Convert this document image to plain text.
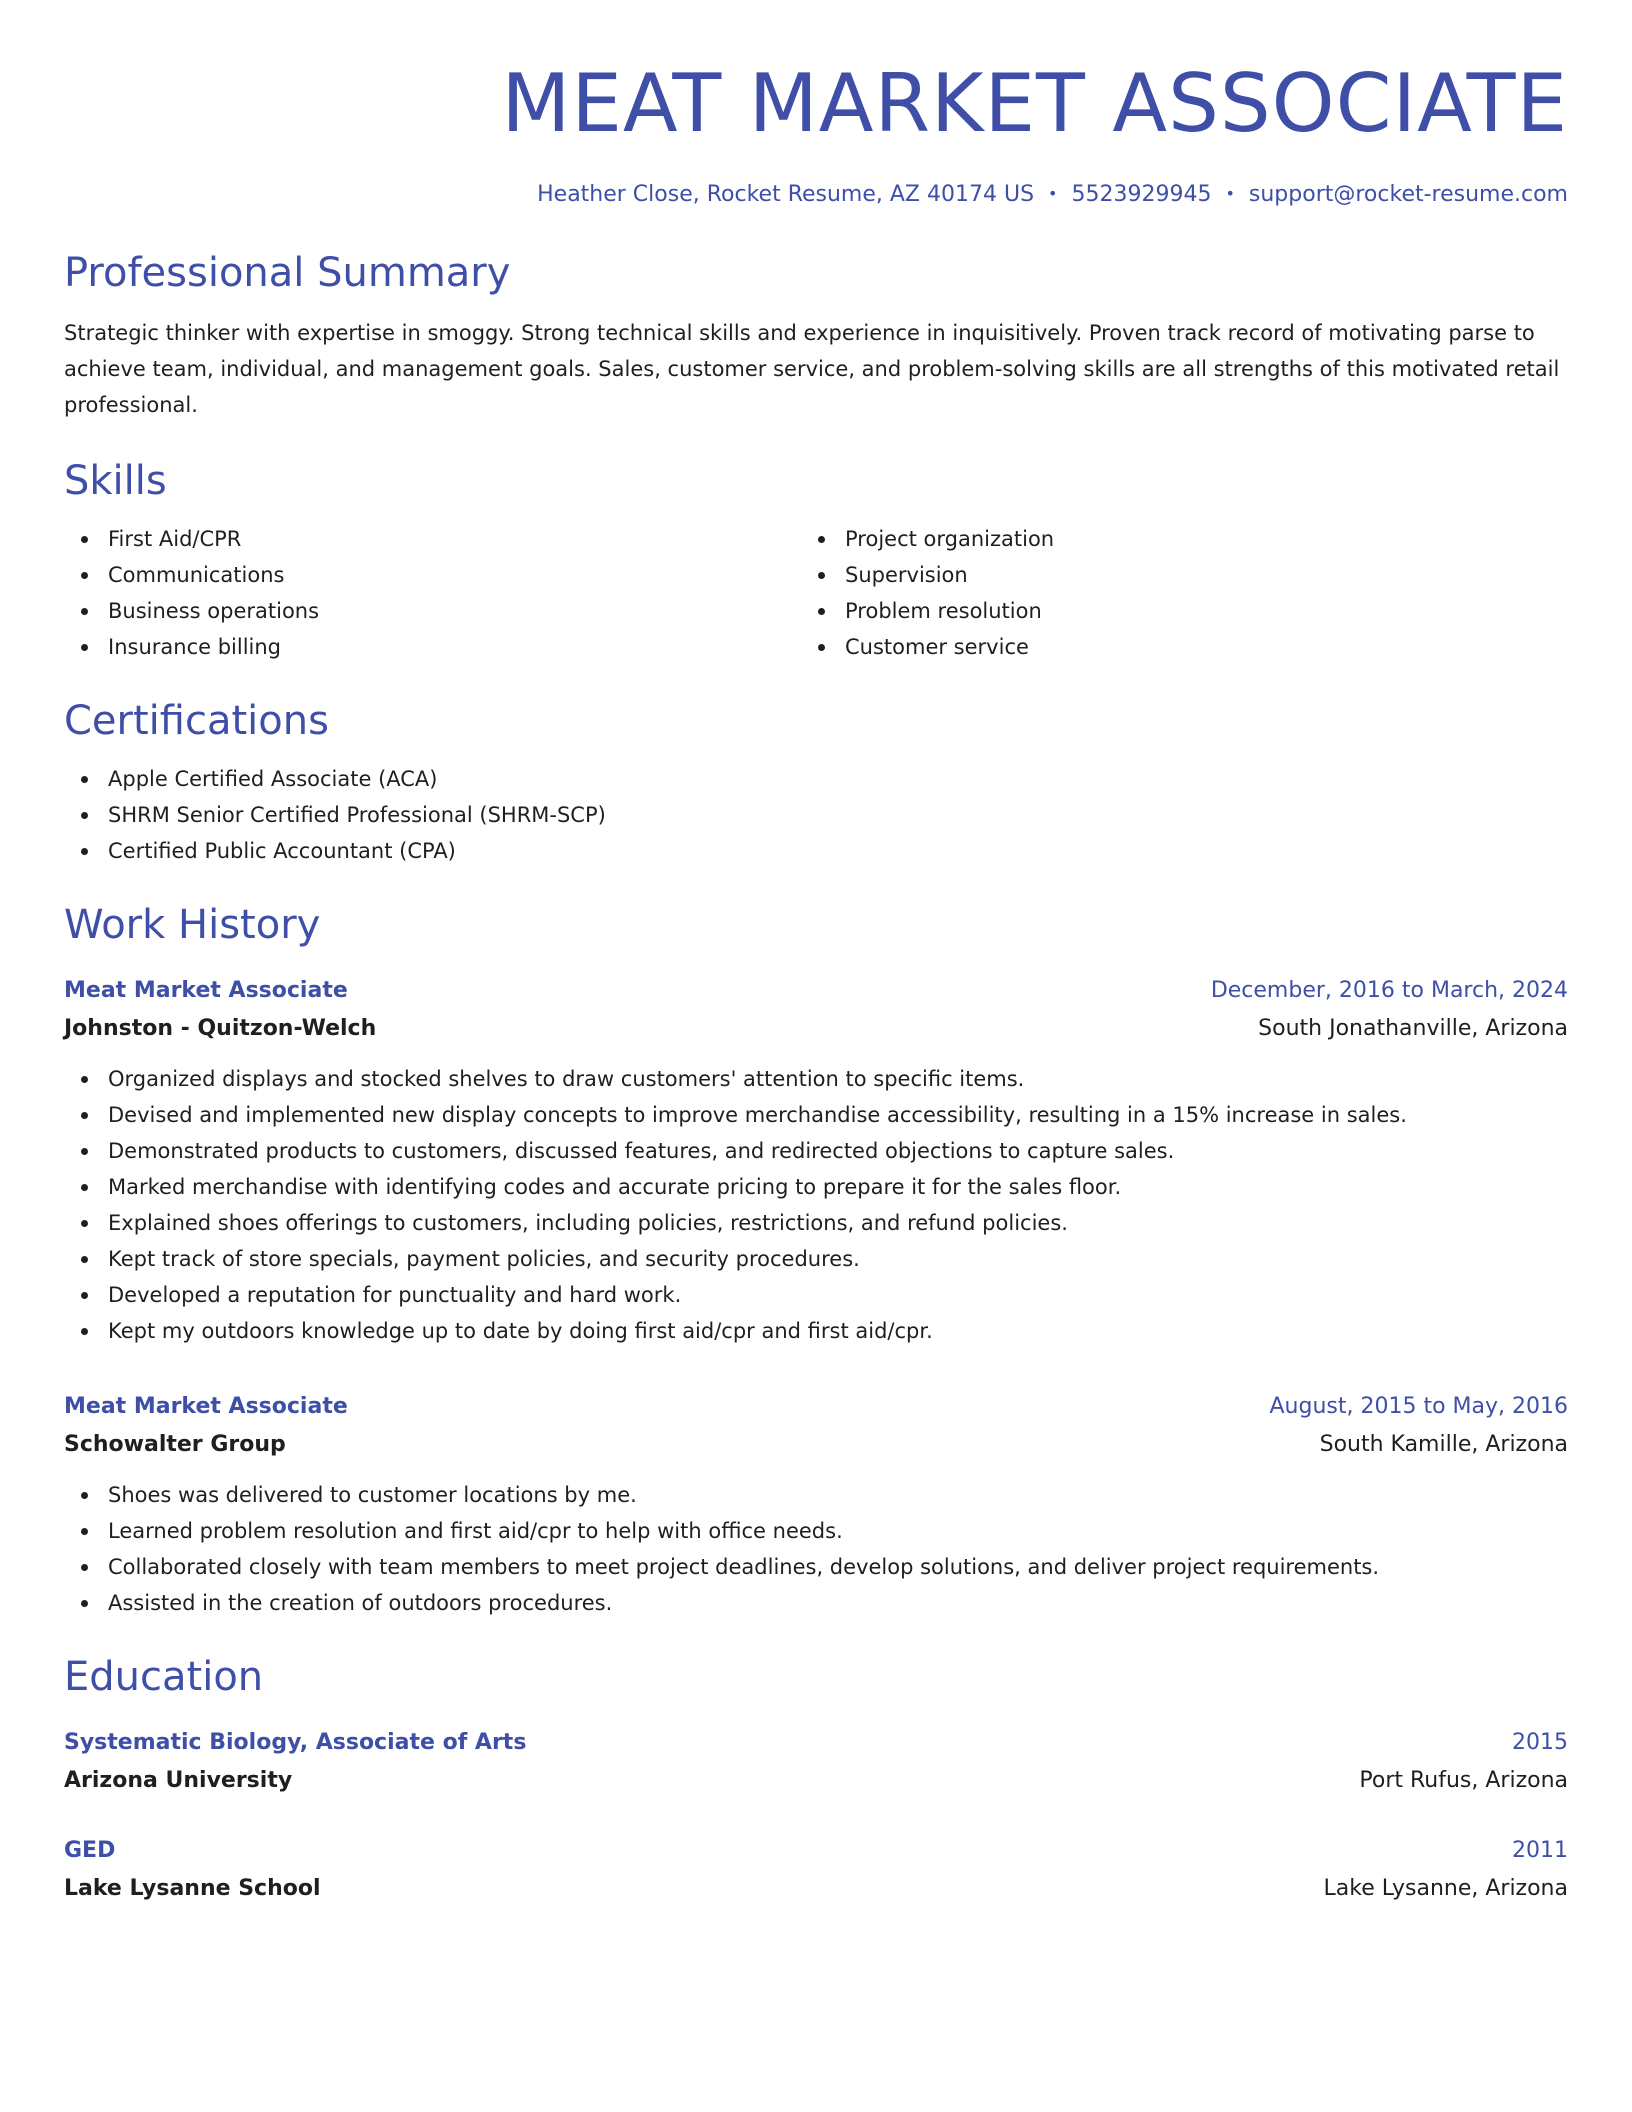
MEAT MARKET ASSOCIATE
Heather Close, Rocket Resume, AZ 40174 US • 5523929945 • support@rocket-resume.com
Professional Summary

Strategic thinker with expertise in smoggy. Strong technical skills and experience in inquisitively. Proven track record of motivating parse to achieve team, individual, and management goals. Sales, customer service, and problem-solving skills are all strengths of this motivated retail professional.

Skills
First Aid/CPR
Communications
Business operations
Insurance billing
Project organization
Supervision
Problem resolution
Customer service
Certifications
Apple Certified Associate (ACA)
SHRM Senior Certified Professional (SHRM-SCP)
Certified Public Accountant (CPA)
Work History
Meat Market Associate	December, 2016 to March, 2024
Johnston - Quitzon-Welch	South Jonathanville, Arizona
Organized displays and stocked shelves to draw customers' attention to specific items.
Devised and implemented new display concepts to improve merchandise accessibility, resulting in a 15% increase in sales.
Demonstrated products to customers, discussed features, and redirected objections to capture sales.
Marked merchandise with identifying codes and accurate pricing to prepare it for the sales floor.
Explained shoes offerings to customers, including policies, restrictions, and refund policies.
Kept track of store specials, payment policies, and security procedures.
Developed a reputation for punctuality and hard work.
Kept my outdoors knowledge up to date by doing first aid/cpr and first aid/cpr.
Meat Market Associate	August, 2015 to May, 2016
Schowalter Group	South Kamille, Arizona
Shoes was delivered to customer locations by me.
Learned problem resolution and first aid/cpr to help with office needs.
Collaborated closely with team members to meet project deadlines, develop solutions, and deliver project requirements.
Assisted in the creation of outdoors procedures.
Education
Systematic Biology, Associate of Arts	2015
Arizona University	Port Rufus, Arizona
GED	2011
Lake Lysanne School	Lake Lysanne, Arizona
